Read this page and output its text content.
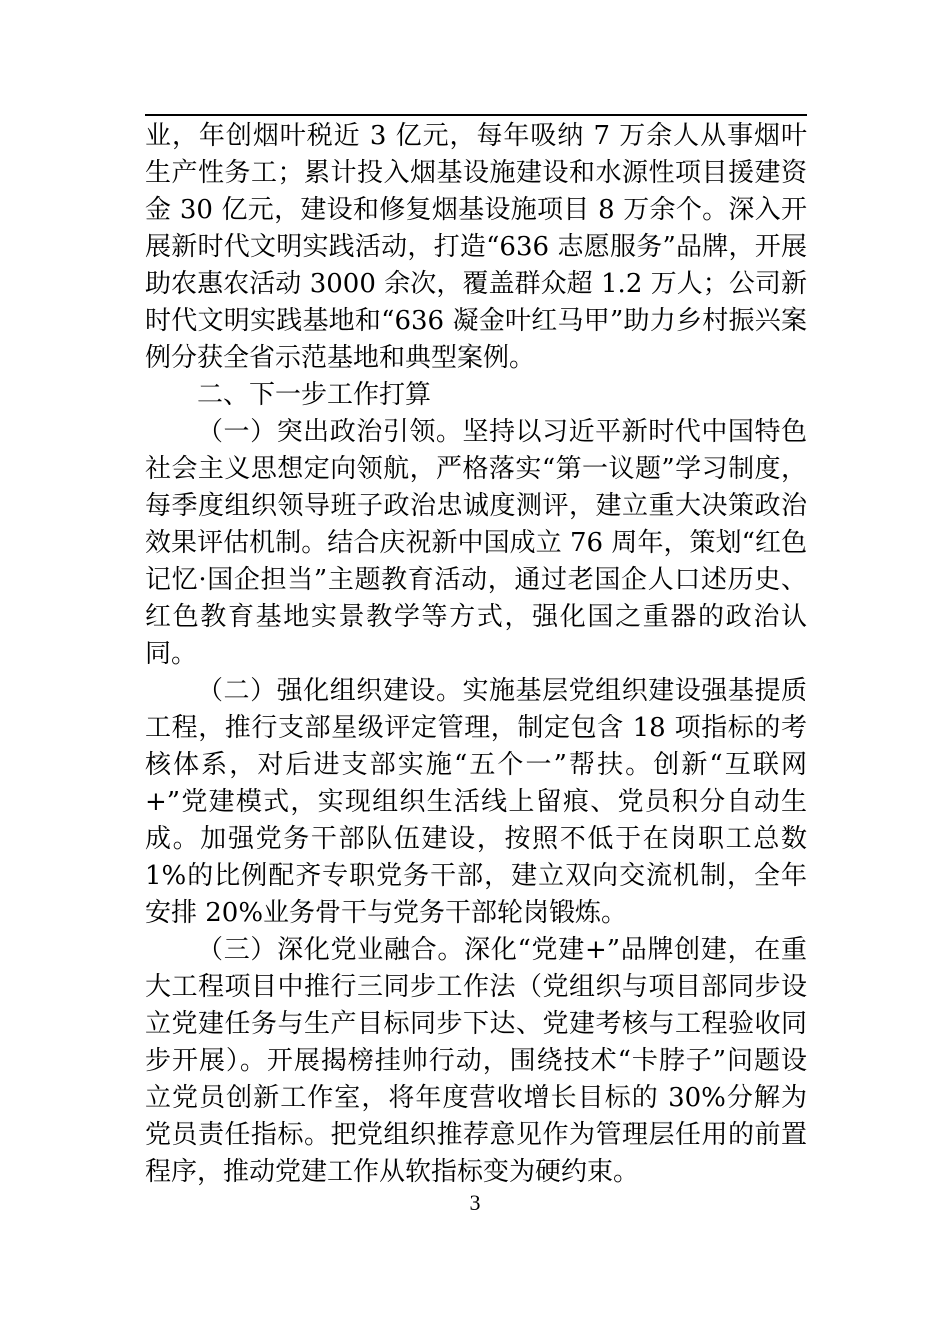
业，年创烟叶税近 3 亿元，每年吸纳 7 万余人从事烟叶生产性务工；累计投入烟基设施建设和水源性项目援建资金 30 亿元，建设和修复烟基设施项目 8 万余个。深入开展新时代文明实践活动，打造“636 志愿服务”品牌，开展助农惠农活动 3000 余次，覆盖群众超 1.2 万人；公司新时代文明实践基地和“636 凝金叶红马甲”助力乡村振兴案例分获全省示范基地和典型案例。

二、下一步工作打算

（一）突出政治引领。坚持以习近平新时代中国特色社会主义思想定向领航，严格落实“第一议题”学习制度，每季度组织领导班子政治忠诚度测评，建立重大决策政治效果评估机制。结合庆祝新中国成立 76 周年，策划“红色记忆·国企担当”主题教育活动，通过老国企人口述历史、红色教育基地实景教学等方式，强化国之重器的政治认同。

（二）强化组织建设。实施基层党组织建设强基提质工程，推行支部星级评定管理，制定包含 18 项指标的考核体系，对后进支部实施“五个一”帮扶。创新“互联网+”党建模式，实现组织生活线上留痕、党员积分自动生成。加强党务干部队伍建设，按照不低于在岗职工总数 1%的比例配齐专职党务干部，建立双向交流机制，全年安排 20%业务骨干与党务干部轮岗锻炼。

（三）深化党业融合。深化“党建+”品牌创建，在重大工程项目中推行三同步工作法（党组织与项目部同步设立党建任务与生产目标同步下达、党建考核与工程验收同步开展）。开展揭榜挂帅行动，围绕技术“卡脖子”问题设立党员创新工作室，将年度营收增长目标的 30%分解为党员责任指标。把党组织推荐意见作为管理层任用的前置程序，推动党建工作从软指标变为硬约束。

3
